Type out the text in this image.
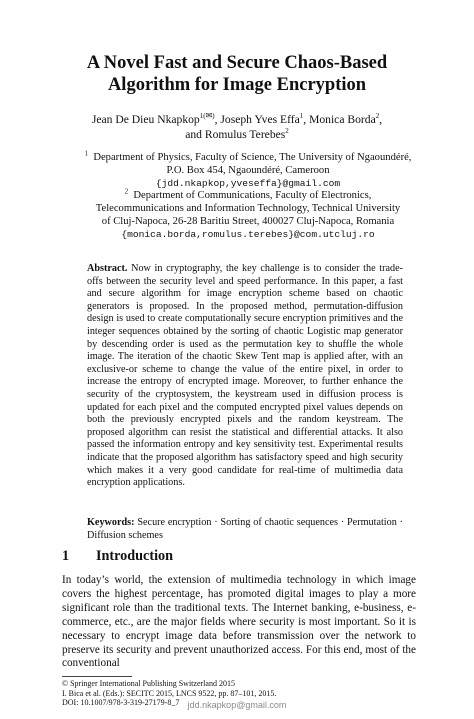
A Novel Fast and Secure Chaos-Based
Algorithm for Image Encryption
Jean De Dieu Nkapkop$^{1(✉)}$, Joseph Yves Effa$^1$, Monica Borda$^2$,
and Romulus Terebes$^2$
$^1$ Department of Physics, Faculty of Science, The University of Ngaoundéré,
P.O. Box 454, Ngaoundéré, Cameroon
{jdd.nkapkop,yveseffa}@gmail.com
$^2$ Department of Communications, Faculty of Electronics,
Telecommunications and Information Technology, Technical University
of Cluj-Napoca, 26-28 Baritiu Street, 400027 Cluj-Napoca, Romania
{monica.borda,romulus.terebes}@com.utcluj.ro
Abstract. Now in cryptography, the key challenge is to consider the trade-offs between the security level and speed performance. In this paper, a fast and secure algorithm for image encryption scheme based on chaotic generators is proposed. In the proposed method, permutation-diffusion design is used to create computationally secure encryption primitives and the integer sequences obtained by the sorting of chaotic Logistic map generator by descending order is used as the permutation key to shuffle the whole image. The iteration of the chaotic Skew Tent map is applied after, with an exclusive-or scheme to change the value of the entire pixel, in order to increase the entropy of encrypted image. Moreover, to further enhance the security of the cryptosystem, the keystream used in diffusion process is updated for each pixel and the computed encrypted pixel values depends on both the previously encrypted pixels and the random keystream. The proposed algorithm can resist the statistical and differential attacks. It also passed the information entropy and key sensitivity test. Experimental results indicate that the proposed algorithm has satisfactory speed and high security which makes it a very good candidate for real-time of multimedia data encryption applications.
Keywords: Secure encryption · Sorting of chaotic sequences · Permutation · Diffusion schemes
1 Introduction
In today’s world, the extension of multimedia technology in which image covers the highest percentage, has promoted digital images to play a more significant role than the traditional texts. The Internet banking, e-business, e-commerce, etc., are the major fields where security is most important. So it is necessary to encrypt image data before transmission over the network to preserve its security and prevent unauthorized access. For this end, most of the conventional
© Springer International Publishing Switzerland 2015
I. Bica et al. (Eds.): SECITC 2015, LNCS 9522, pp. 87–101, 2015.
DOI: 10.1007/978-3-319-27179-8_7 jdd.nkapkop@gmail.com
